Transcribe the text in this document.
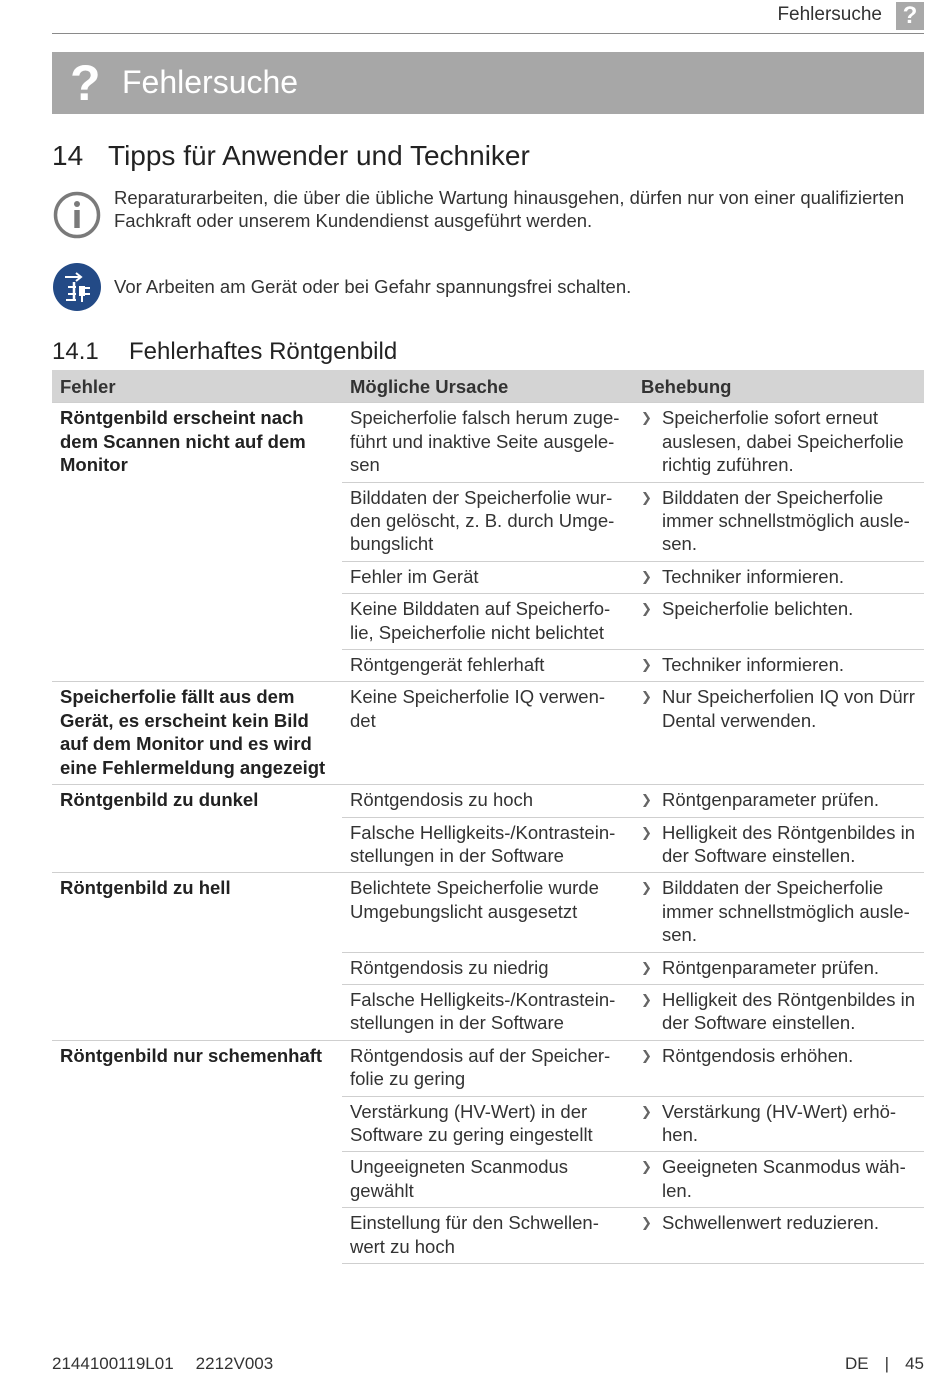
Fehlersuche ?
? Fehlersuche
14 Tipps für Anwender und Techniker
Reparaturarbeiten, die über die übliche Wartung hinausgehen, dürfen nur von einer qualifizierten Fachkraft oder unserem Kundendienst ausgeführt werden.
Vor Arbeiten am Gerät oder bei Gefahr spannungsfrei schalten.
14.1 Fehlerhaftes Röntgenbild
Fehler	Mögliche Ursache	Behebung
Röntgenbild erscheint nach dem Scannen nicht auf dem Monitor	Speicherfolie falsch herum zuge-führt und inaktive Seite ausgele-sen	❯ Speicherfolie sofort erneut auslesen, dabei Speicherfolie richtig zuführen.

	Bilddaten der Speicherfolie wur-den gelöscht, z. B. durch Umge-bungslicht	❯ Bilddaten der Speicherfolie immer schnellstmöglich ausle-sen.

	Fehler im Gerät	❯ Techniker informieren.

	Keine Bilddaten auf Speicherfo-lie, Speicherfolie nicht belichtet	❯ Speicherfolie belichten.

	Röntgengerät fehlerhaft	❯ Techniker informieren.

Speicherfolie fällt aus dem Gerät, es erscheint kein Bild auf dem Monitor und es wird eine Fehlermeldung angezeigt	Keine Speicherfolie IQ verwen-det	❯ Nur Speicherfolien IQ von Dürr Dental verwenden.

Röntgenbild zu dunkel	Röntgendosis zu hoch	❯ Röntgenparameter prüfen.

	Falsche Helligkeits-/Kontrastein-stellungen in der Software	❯ Helligkeit des Röntgenbildes in der Software einstellen.

Röntgenbild zu hell	Belichtete Speicherfolie wurde Umgebungslicht ausgesetzt	❯ Bilddaten der Speicherfolie immer schnellstmöglich ausle-sen.

	Röntgendosis zu niedrig	❯ Röntgenparameter prüfen.

	Falsche Helligkeits-/Kontrastein-stellungen in der Software	❯ Helligkeit des Röntgenbildes in der Software einstellen.

Röntgenbild nur schemenhaft	Röntgendosis auf der Speicher-folie zu gering	❯ Röntgendosis erhöhen.

	Verstärkung (HV-Wert) in der Software zu gering eingestellt	❯ Verstärkung (HV-Wert) erhö-hen.

	Ungeeigneten Scanmodus gewählt	❯ Geeigneten Scanmodus wäh-len.

	Einstellung für den Schwellen-wert zu hoch	❯ Schwellenwert reduzieren.
2144100119L01 2212V003	DE | 45
